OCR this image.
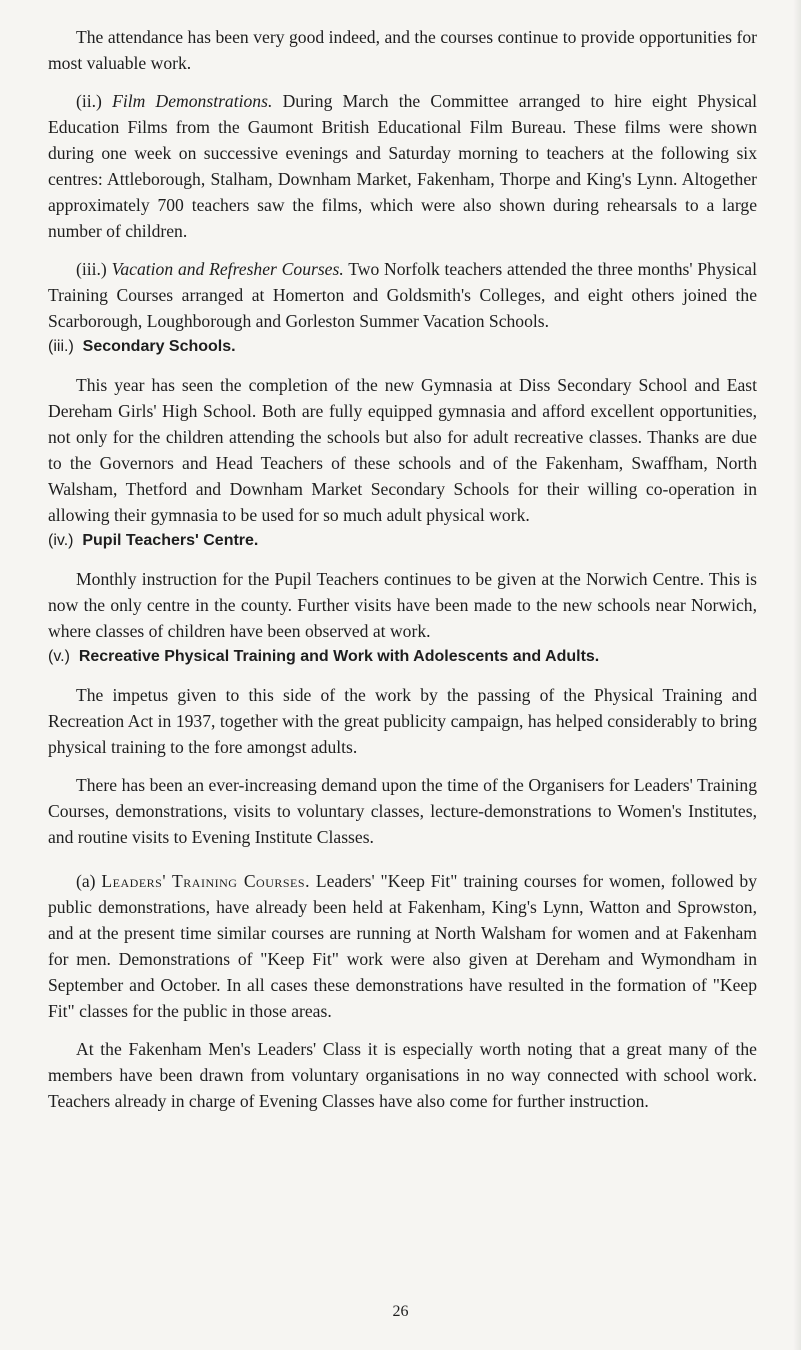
The attendance has been very good indeed, and the courses continue to provide opportunities for most valuable work.

(ii.) Film Demonstrations. During March the Committee arranged to hire eight Physical Education Films from the Gaumont British Educational Film Bureau. These films were shown during one week on successive evenings and Saturday morning to teachers at the following six centres: Attleborough, Stalham, Downham Market, Fakenham, Thorpe and King's Lynn. Altogether approximately 700 teachers saw the films, which were also shown during rehearsals to a large number of children.

(iii.) Vacation and Refresher Courses. Two Norfolk teachers attended the three months' Physical Training Courses arranged at Homerton and Goldsmith's Colleges, and eight others joined the Scarborough, Loughborough and Gorleston Summer Vacation Schools.

(iii.) Secondary Schools.

This year has seen the completion of the new Gymnasia at Diss Secondary School and East Dereham Girls' High School. Both are fully equipped gymnasia and afford excellent opportunities, not only for the children attending the schools but also for adult recreative classes. Thanks are due to the Governors and Head Teachers of these schools and of the Fakenham, Swaffham, North Walsham, Thetford and Downham Market Secondary Schools for their willing co-operation in allowing their gymnasia to be used for so much adult physical work.

(iv.) Pupil Teachers' Centre.

Monthly instruction for the Pupil Teachers continues to be given at the Norwich Centre. This is now the only centre in the county. Further visits have been made to the new schools near Norwich, where classes of children have been observed at work.

(v.) Recreative Physical Training and Work with Adolescents and Adults.

The impetus given to this side of the work by the passing of the Physical Training and Recreation Act in 1937, together with the great publicity campaign, has helped considerably to bring physical training to the fore amongst adults.

There has been an ever-increasing demand upon the time of the Organisers for Leaders' Training Courses, demonstrations, visits to voluntary classes, lecture-demonstrations to Women's Institutes, and routine visits to Evening Institute Classes.

(a) Leaders' Training Courses. Leaders' "Keep Fit" training courses for women, followed by public demonstrations, have already been held at Fakenham, King's Lynn, Watton and Sprowston, and at the present time similar courses are running at North Walsham for women and at Fakenham for men. Demonstrations of "Keep Fit" work were also given at Dereham and Wymondham in September and October. In all cases these demonstrations have resulted in the formation of "Keep Fit" classes for the public in those areas.

At the Fakenham Men's Leaders' Class it is especially worth noting that a great many of the members have been drawn from voluntary organisations in no way connected with school work. Teachers already in charge of Evening Classes have also come for further instruction.

26
